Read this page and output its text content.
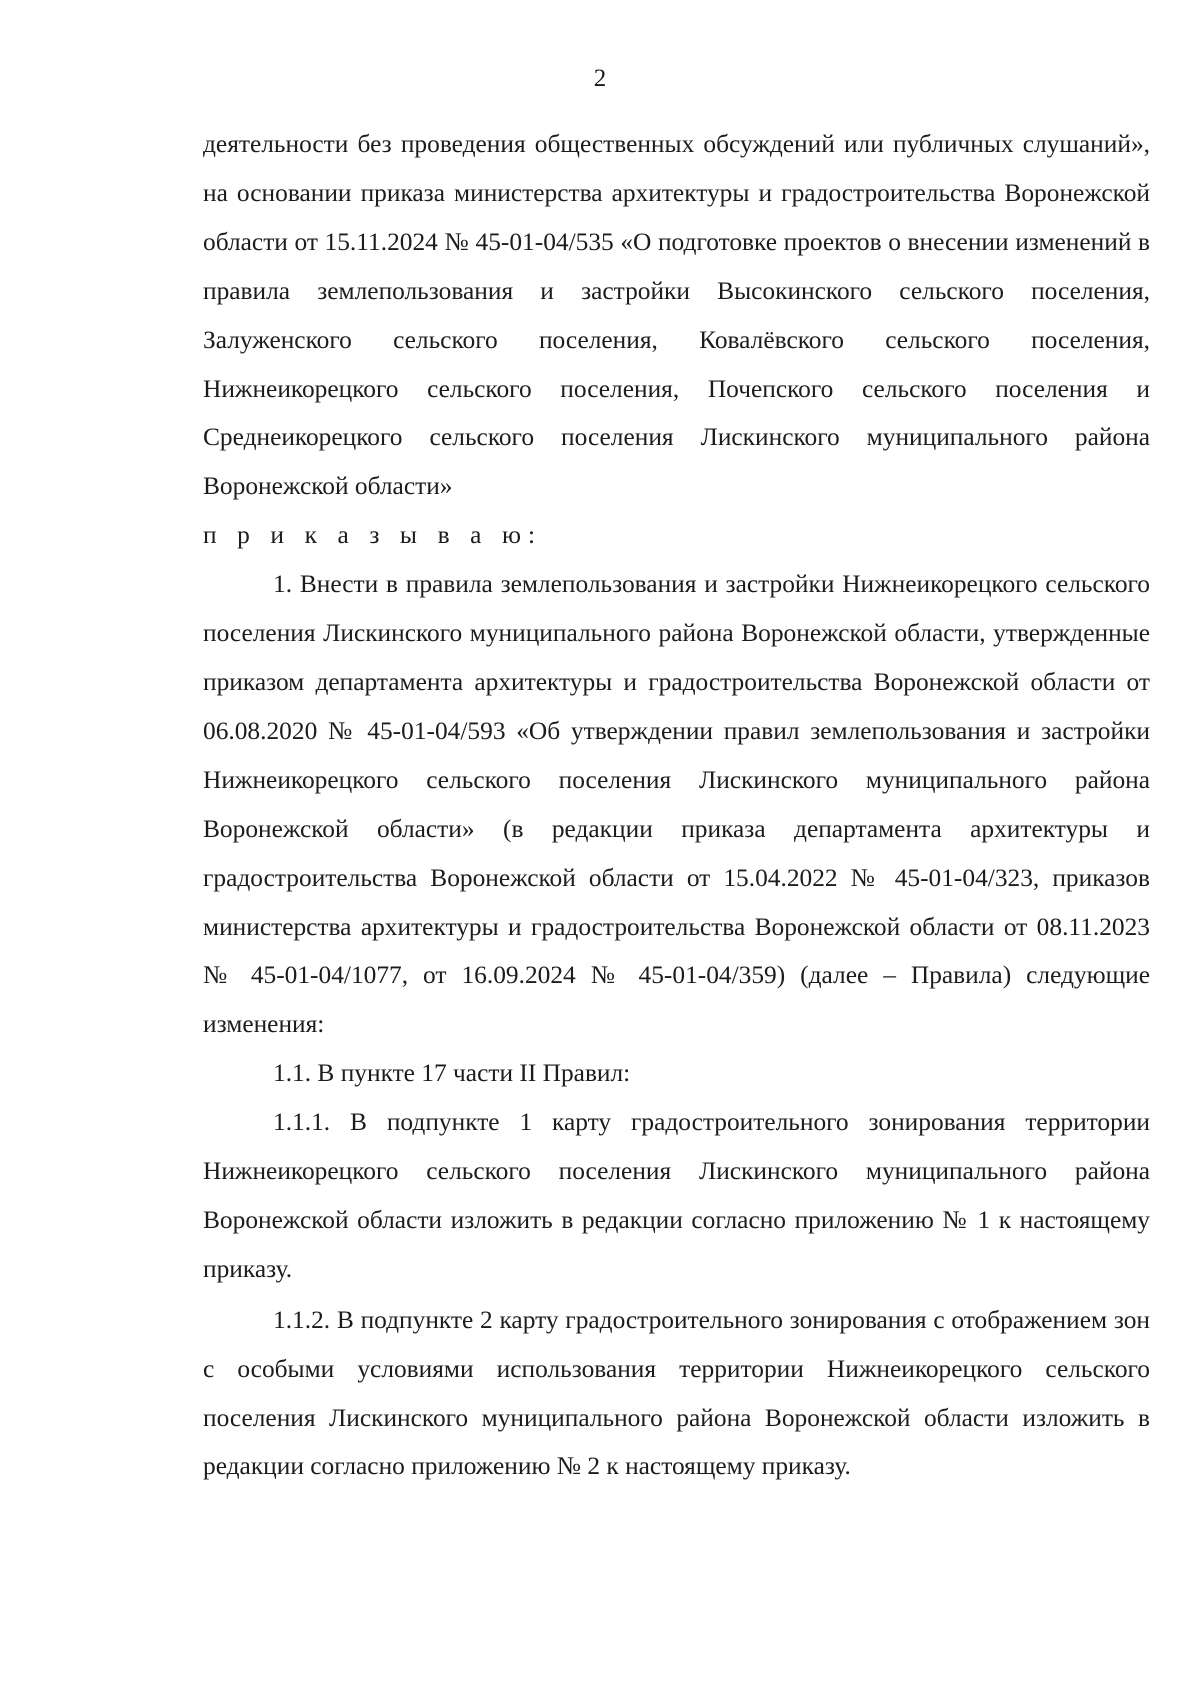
2

деятельности без проведения общественных обсуждений или публичных слушаний», на основании приказа министерства архитектуры и градостроительства Воронежской области от 15.11.2024 № 45-01-04/535 «О подготовке проектов о внесении изменений в правила землепользования и застройки Высокинского сельского поселения, Залуженского сельского поселения, Ковалёвского сельского поселения, Нижнеикорецкого сельского поселения, Почепского сельского поселения и Среднеикорецкого сельского поселения Лискинского муниципального района Воронежской области»

п р и к а з ы в а ю:

1. Внести в правила землепользования и застройки Нижнеикорецкого сельского поселения Лискинского муниципального района Воронежской области, утвержденные приказом департамента архитектуры и градостроительства Воронежской области от 06.08.2020 № 45-01-04/593 «Об утверждении правил землепользования и застройки Нижнеикорецкого сельского поселения Лискинского муниципального района Воронежской области» (в редакции приказа департамента архитектуры и градостроительства Воронежской области от 15.04.2022 № 45-01-04/323, приказов министерства архитектуры и градостроительства Воронежской области от 08.11.2023 № 45-01-04/1077, от 16.09.2024 № 45-01-04/359) (далее – Правила) следующие изменения:

1.1. В пункте 17 части II Правил:

1.1.1. В подпункте 1 карту градостроительного зонирования территории Нижнеикорецкого сельского поселения Лискинского муниципального района Воронежской области изложить в редакции согласно приложению № 1 к настоящему приказу.

1.1.2. В подпункте 2 карту градостроительного зонирования с отображением зон с особыми условиями использования территории Нижнеикорецкого сельского поселения Лискинского муниципального района Воронежской области изложить в редакции согласно приложению № 2 к настоящему приказу.
